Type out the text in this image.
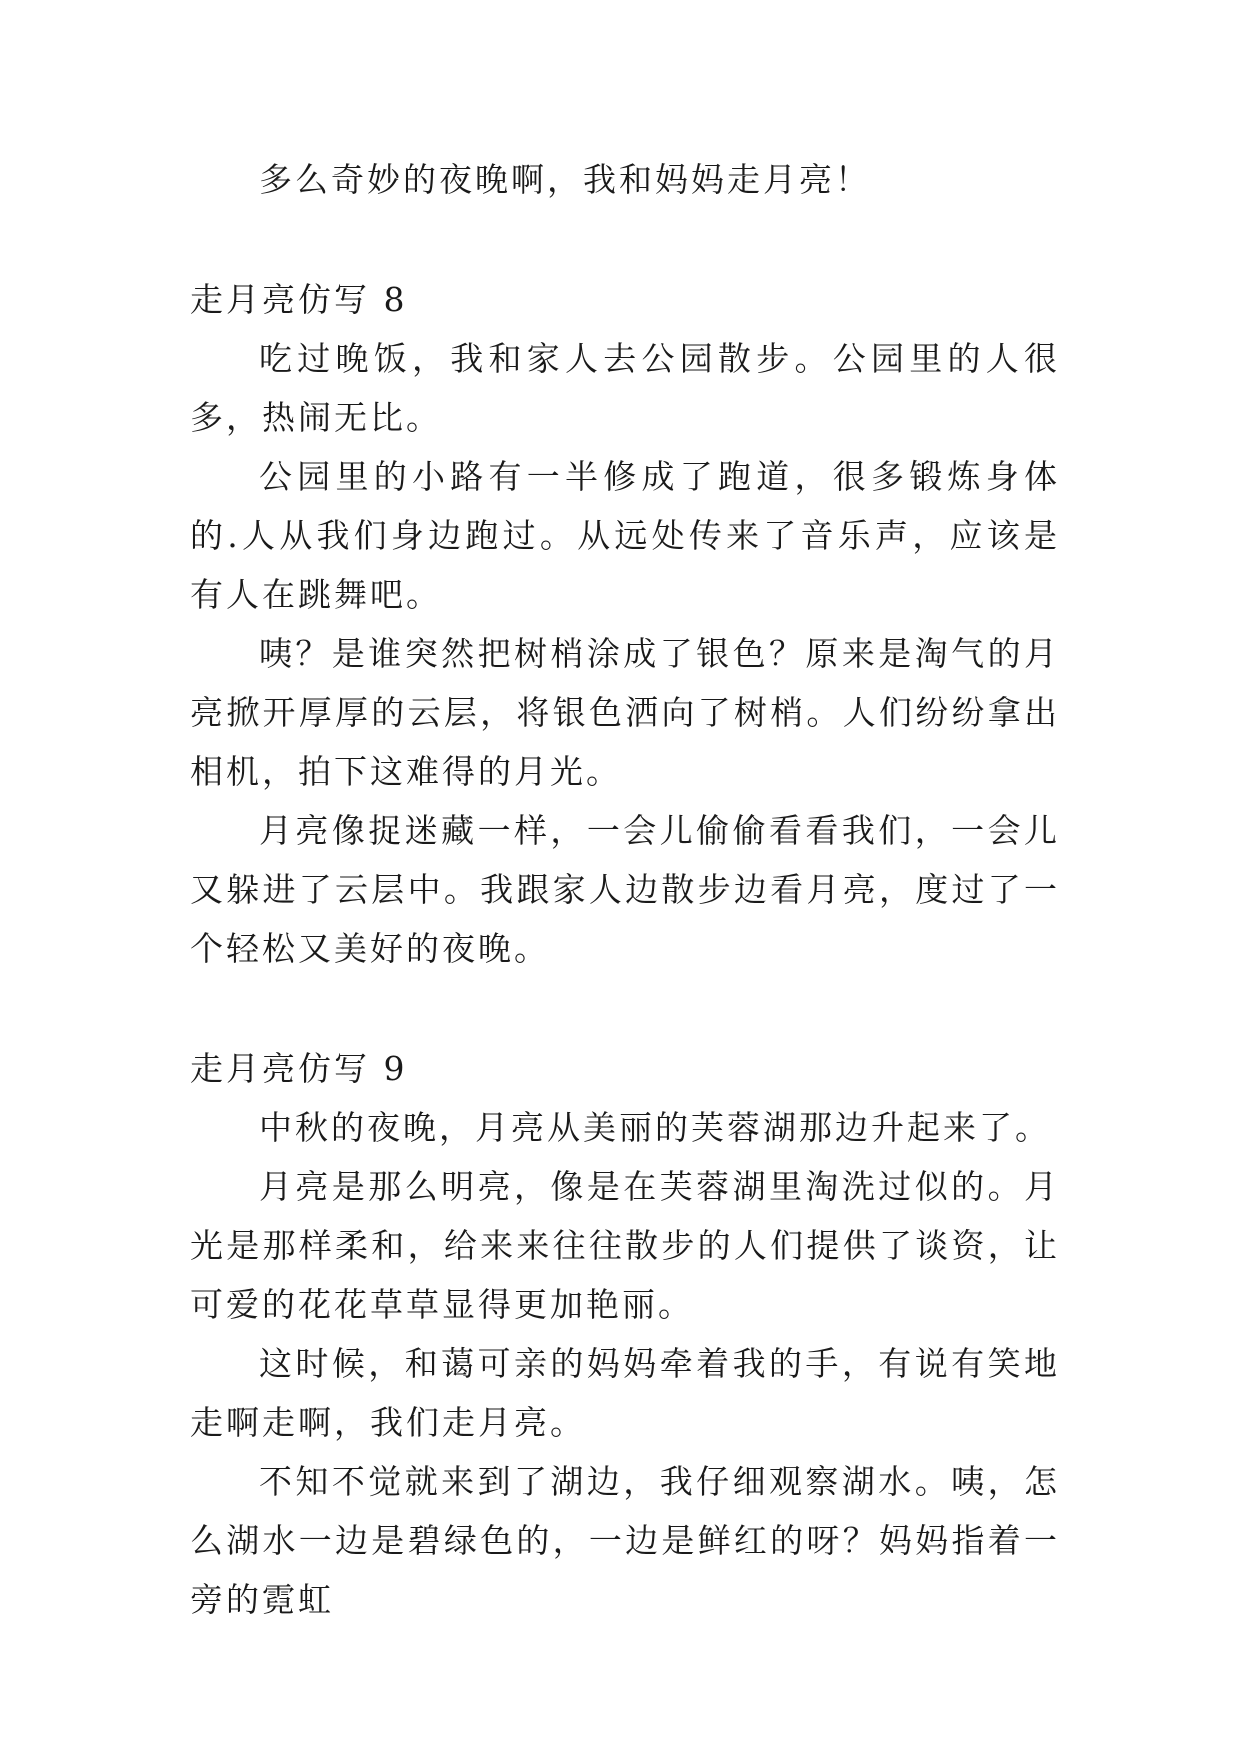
多么奇妙的夜晚啊，我和妈妈走月亮！

走月亮仿写 8

吃过晚饭，我和家人去公园散步。公园里的人很多，热闹无比。

公园里的小路有一半修成了跑道，很多锻炼身体的.人从我们身边跑过。从远处传来了音乐声，应该是有人在跳舞吧。

咦？是谁突然把树梢涂成了银色？原来是淘气的月亮掀开厚厚的云层，将银色洒向了树梢。人们纷纷拿出相机，拍下这难得的月光。

月亮像捉迷藏一样，一会儿偷偷看看我们，一会儿又躲进了云层中。我跟家人边散步边看月亮，度过了一个轻松又美好的夜晚。

走月亮仿写 9

中秋的夜晚，月亮从美丽的芙蓉湖那边升起来了。

月亮是那么明亮，像是在芙蓉湖里淘洗过似的。月光是那样柔和，给来来往往散步的人们提供了谈资，让可爱的花花草草显得更加艳丽。

这时候，和蔼可亲的妈妈牵着我的手，有说有笑地走啊走啊，我们走月亮。

不知不觉就来到了湖边，我仔细观察湖水。咦，怎么湖水一边是碧绿色的，一边是鲜红的呀？妈妈指着一旁的霓虹
